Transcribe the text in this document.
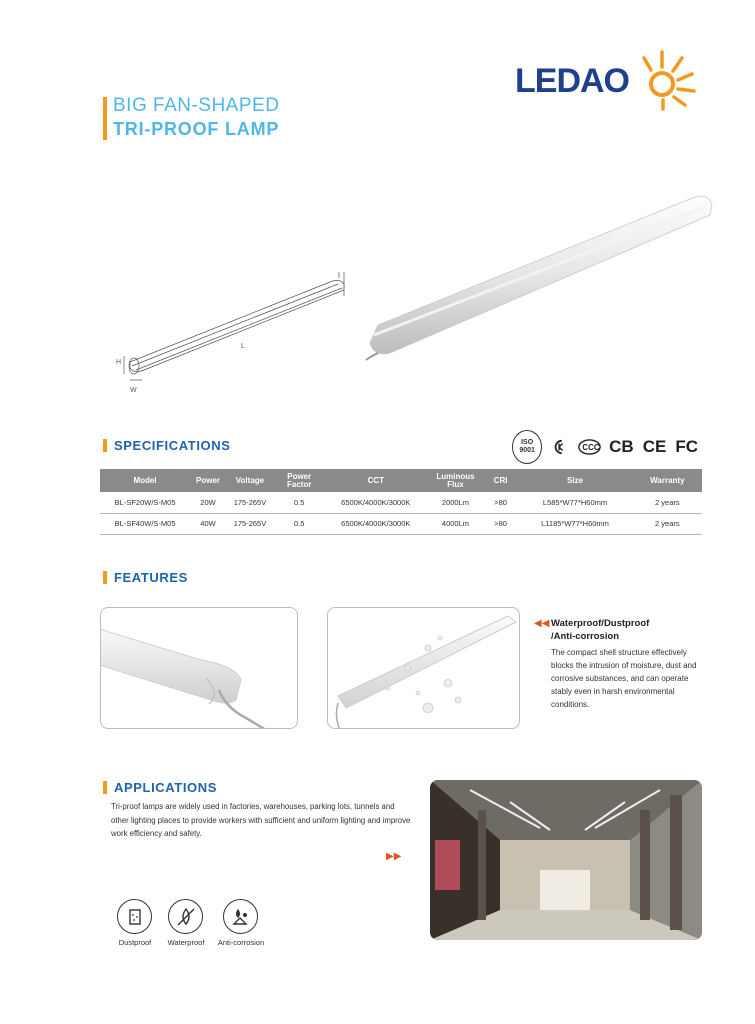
LEDAO
BIG FAN-SHAPED
TRI-PROOF LAMP
L
H
W
SPECIFICATIONS	ISO
9001	CCC CB CE FC
Model	Power	Voltage	Power Factor	CCT	Luminous Flux	CRI	Size	Warranty
BL-SF20W/S-M05	20W	175-265V	0.5	6500K/4000K/3000K	2000Lm	>80	L585*W77*H60mm	2 years
BL-SF40W/S-M05	40W	175-265V	0.5	6500K/4000K/3000K	4000Lm	>80	L1185*W77*H60mm	2 years
FEATURES
◀◀ Waterproof/Dustproof
/Anti-corrosion
The compact shell structure effectively blocks the intrusion of moisture, dust and corrosive substances, and can operate stably even in harsh environmental conditions.
APPLICATIONS
Tri-proof lamps are widely used in factories, warehouses, parking lots, tunnels and other lighting places to provide workers with sufficient and uniform lighting and improve work efficiency and safety.
▶▶
Dustproof	Waterproof	Anti-corrosion
